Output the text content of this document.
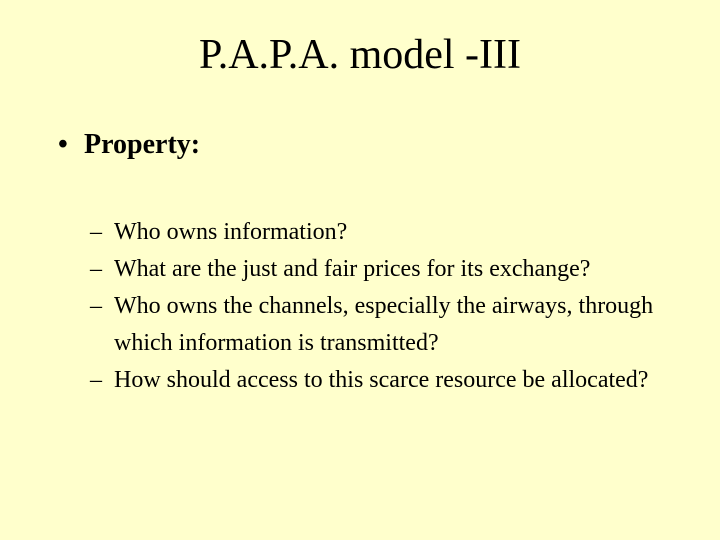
P.A.P.A. model -III
• Property:
– Who owns information?
– What are the just and fair prices for its exchange?
– Who owns the channels, especially the airways, through which information is transmitted?
– How should access to this scarce resource be allocated?
